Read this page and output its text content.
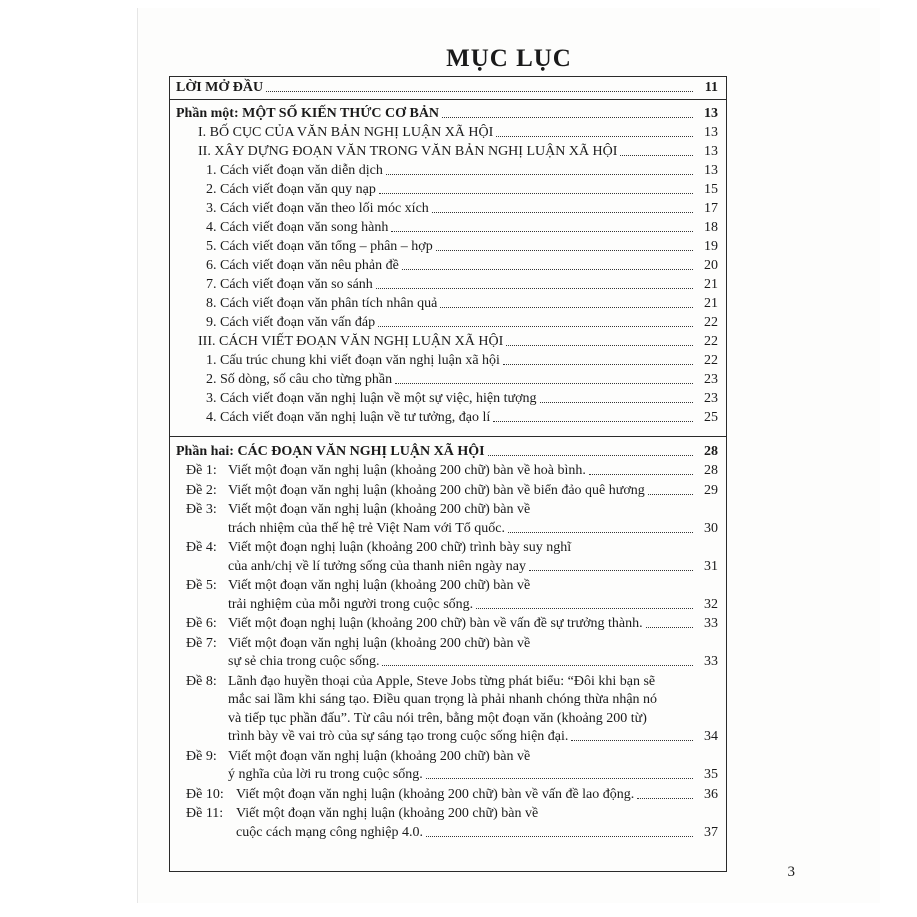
MỤC LỤC
LỜI MỞ ĐẦU	11
Phần một: MỘT SỐ KIẾN THỨC CƠ BẢN	13
I. BỐ CỤC CỦA VĂN BẢN NGHỊ LUẬN XÃ HỘI	13
II. XÂY DỰNG ĐOẠN VĂN TRONG VĂN BẢN NGHỊ LUẬN XÃ HỘI	13
1. Cách viết đoạn văn diễn dịch	13
2. Cách viết đoạn văn quy nạp	15
3. Cách viết đoạn văn theo lối móc xích	17
4. Cách viết đoạn văn song hành	18
5. Cách viết đoạn văn tổng – phân – hợp	19
6. Cách viết đoạn văn nêu phản đề	20
7. Cách viết đoạn văn so sánh	21
8. Cách viết đoạn văn phân tích nhân quả	21
9. Cách viết đoạn văn vấn đáp	22
III. CÁCH VIẾT ĐOẠN VĂN NGHỊ LUẬN XÃ HỘI	22
1. Cấu trúc chung khi viết đoạn văn nghị luận xã hội	22
2. Số dòng, số câu cho từng phần	23
3. Cách viết đoạn văn nghị luận về một sự việc, hiện tượng	23
4. Cách viết đoạn văn nghị luận về tư tưởng, đạo lí	25
Phần hai: CÁC ĐOẠN VĂN NGHỊ LUẬN XÃ HỘI	28
Đề 1: Viết một đoạn văn nghị luận (khoảng 200 chữ) bàn về hoà bình.	28
Đề 2: Viết một đoạn văn nghị luận (khoảng 200 chữ) bàn về biển đảo quê hương	29
Đề 3: Viết một đoạn văn nghị luận (khoảng 200 chữ) bàn về
trách nhiệm của thế hệ trẻ Việt Nam với Tổ quốc.	30
Đề 4: Viết một đoạn nghị luận (khoảng 200 chữ) trình bày suy nghĩ
của anh/chị về lí tưởng sống của thanh niên ngày nay	31
Đề 5: Viết một đoạn văn nghị luận (khoảng 200 chữ) bàn về
trải nghiệm của mỗi người trong cuộc sống.	32
Đề 6: Viết một đoạn nghị luận (khoảng 200 chữ) bàn về vấn đề sự trưởng thành.	33
Đề 7: Viết một đoạn văn nghị luận (khoảng 200 chữ) bàn về
sự sẻ chia trong cuộc sống.	33
Đề 8: Lãnh đạo huyền thoại của Apple, Steve Jobs từng phát biểu: “Đôi khi bạn sẽ
mắc sai lầm khi sáng tạo. Điều quan trọng là phải nhanh chóng thừa nhận nó
và tiếp tục phần đấu”. Từ câu nói trên, bằng một đoạn văn (khoảng 200 từ)
trình bày về vai trò của sự sáng tạo trong cuộc sống hiện đại.	34
Đề 9: Viết một đoạn văn nghị luận (khoảng 200 chữ) bàn về
ý nghĩa của lời ru trong cuộc sống.	35
Đề 10: Viết một đoạn văn nghị luận (khoảng 200 chữ) bàn về vấn đề lao động.	36
Đề 11: Viết một đoạn văn nghị luận (khoảng 200 chữ) bàn về
cuộc cách mạng công nghiệp 4.0.	37
3
